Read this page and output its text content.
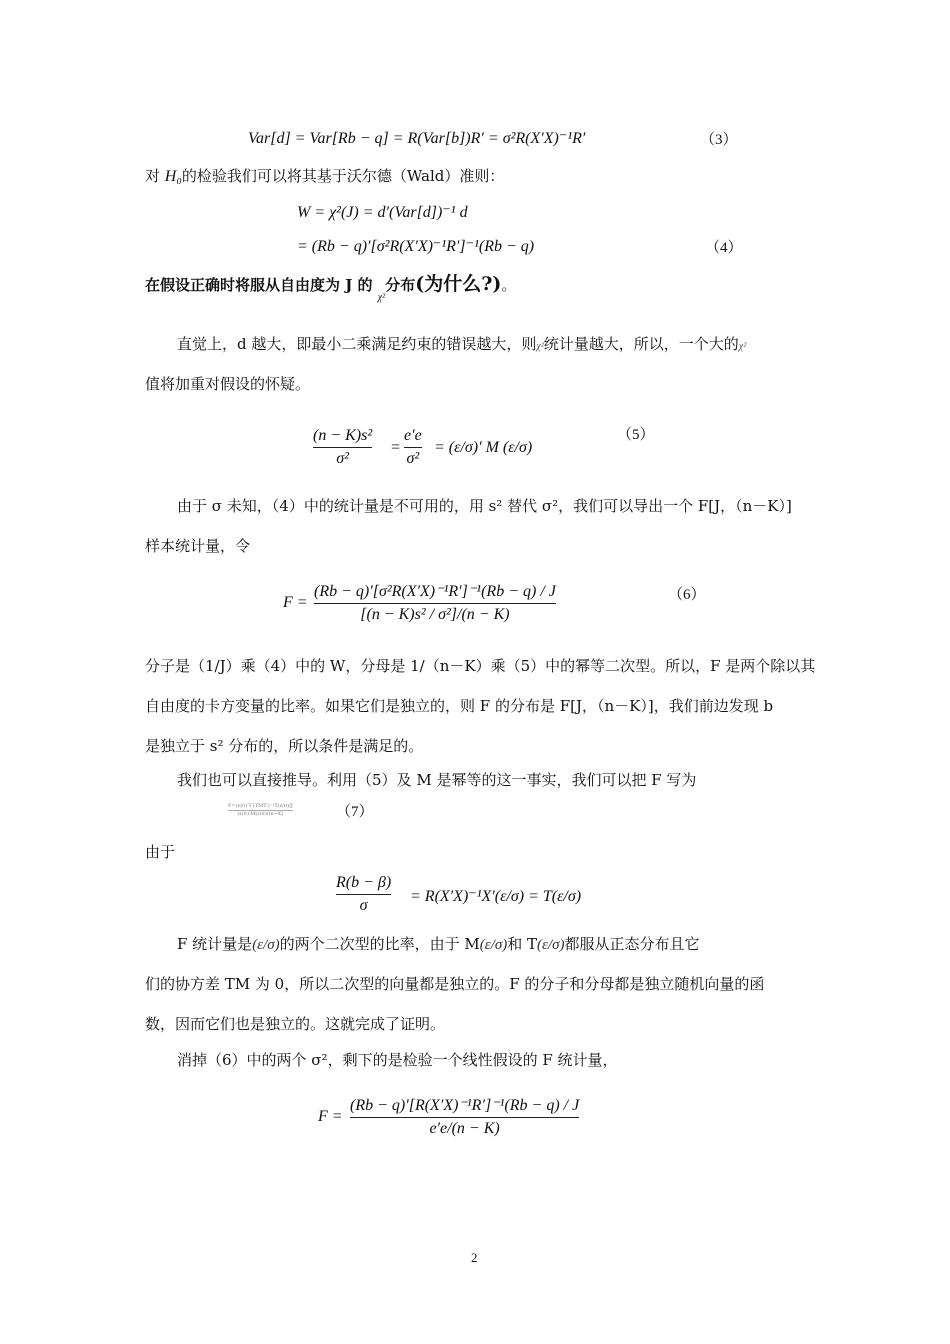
Var[d] = Var[Rb − q] = R(Var[b])R′ = σ²R(X′X)⁻¹R′	（3）
对 H₀的检验我们可以将其基于沃尔德（Wald）准则：
W = χ²(J) = d′(Var[d])⁻¹ d
= (Rb − q)′[σ²R(X′X)⁻¹R′]⁻¹(Rb − q)	（4）
在假设正确时将服从自由度为 J 的 $_{\chi^2}$分布(为什么?)。
直觉上，d 越大，即最小二乘满足约束的错误越大，则χ²统计量越大，所以，一个大的χ²
值将加重对假设的怀疑。
(n − K)s²
σ²
=
e′e
σ²
= (ε/σ)′ M (ε/σ)
（5）
由于 σ 未知，（4）中的统计量是不可用的，用 s² 替代 σ²，我们可以导出一个 F[J，（n－K）]
样本统计量，令
F =
(Rb − q)′[σ²R(X′X)⁻¹R′]⁻¹(Rb − q) / J
[(n − K)s² / σ²]/(n − K)
（6）
分子是（1/J）乘（4）中的 W，分母是 1/（n－K）乘（5）中的幂等二次型。所以，F 是两个除以其
自由度的卡方变量的比率。如果它们是独立的，则 F 的分布是 F[J，（n－K）]，我们前边发现 b
是独立于 s² 分布的，所以条件是满足的。
我们也可以直接推导。利用（5）及 M 是幂等的这一事实，我们可以把 F 写为
F=(ε/σ)′T′(TMT′)⁻¹T(ε/σ)/J
(ε/σ)′M(ε/σ)/(n−K)	（7）
由于
R(b − β)
σ
= R(X′X)⁻¹X′(ε/σ) = T(ε/σ)
F 统计量是(ε/σ)的两个二次型的比率，由于 M(ε/σ)和 T(ε/σ)都服从正态分布且它
们的协方差 TM 为 0，所以二次型的向量都是独立的。F 的分子和分母都是独立随机向量的函
数，因而它们也是独立的。这就完成了证明。
消掉（6）中的两个 σ²，剩下的是检验一个线性假设的 F 统计量，
F =
(Rb − q)′[R(X′X)⁻¹R′]⁻¹(Rb − q) / J
e′e/(n − K)
2
